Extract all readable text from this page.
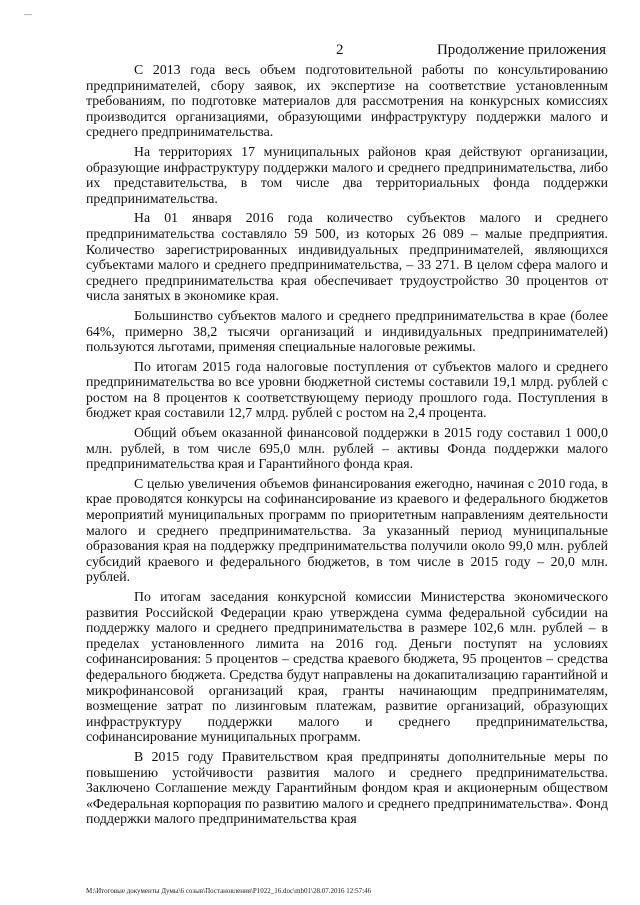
—
2	Продолжение приложения

С 2013 года весь объем подготовительной работы по консультированию предпринимателей, сбору заявок, их экспертизе на соответствие установленным требованиям, по подготовке материалов для рассмотрения на конкурсных комиссиях производится организациями, образующими инфраструктуру поддержки малого и среднего предпринимательства.

На территориях 17 муниципальных районов края действуют организации, образующие инфраструктуру поддержки малого и среднего предпринимательства, либо их представительства, в том числе два территориальных фонда поддержки предпринимательства.

На 01 января 2016 года количество субъектов малого и среднего предпринимательства составляло 59 500, из которых 26 089 – малые предприятия. Количество зарегистрированных индивидуальных предпринимателей, являющихся субъектами малого и среднего предпринимательства, – 33 271. В целом сфера малого и среднего предпринимательства края обеспечивает трудоустройство 30 процентов от числа занятых в экономике края.

Большинство субъектов малого и среднего предпринимательства в крае (более 64%, примерно 38,2 тысячи организаций и индивидуальных предпринимателей) пользуются льготами, применяя специальные налоговые режимы.

По итогам 2015 года налоговые поступления от субъектов малого и среднего предпринимательства во все уровни бюджетной системы составили 19,1 млрд. рублей с ростом на 8 процентов к соответствующему периоду прошлого года. Поступления в бюджет края составили 12,7 млрд. рублей с ростом на 2,4 процента.

Общий объем оказанной финансовой поддержки в 2015 году составил 1 000,0 млн. рублей, в том числе 695,0 млн. рублей – активы Фонда поддержки малого предпринимательства края и Гарантийного фонда края.

С целью увеличения объемов финансирования ежегодно, начиная с 2010 года, в крае проводятся конкурсы на софинансирование из краевого и федерального бюджетов мероприятий муниципальных программ по приоритетным направлениям деятельности малого и среднего предпринимательства. За указанный период муниципальные образования края на поддержку предпринимательства получили около 99,0 млн. рублей субсидий краевого и федерального бюджетов, в том числе в 2015 году – 20,0 млн. рублей.

По итогам заседания конкурсной комиссии Министерства экономического развития Российской Федерации краю утверждена сумма федеральной субсидии на поддержку малого и среднего предпринимательства в размере 102,6 млн. рублей – в пределах установленного лимита на 2016 год. Деньги поступят на условиях софинансирования: 5 процентов – средства краевого бюджета, 95 процентов – средства федерального бюджета. Средства будут направлены на докапитализацию гарантийной и микрофинансовой организаций края, гранты начинающим предпринимателям, возмещение затрат по лизинговым платежам, развитие организаций, образующих инфраструктуру поддержки малого и среднего предпринимательства, софинансирование муниципальных программ.

В 2015 году Правительством края предприняты дополнительные меры по повышению устойчивости развития малого и среднего предпринимательства. Заключено Соглашение между Гарантийным фондом края и акционерным обществом «Федеральная корпорация по развитию малого и среднего предпринимательства». Фонд поддержки малого предпринимательства края

M:\Итоговые документы Думы\6 созыв\Постановления\P1022_16.doc\mb01\28.07.2016 12:57:46
